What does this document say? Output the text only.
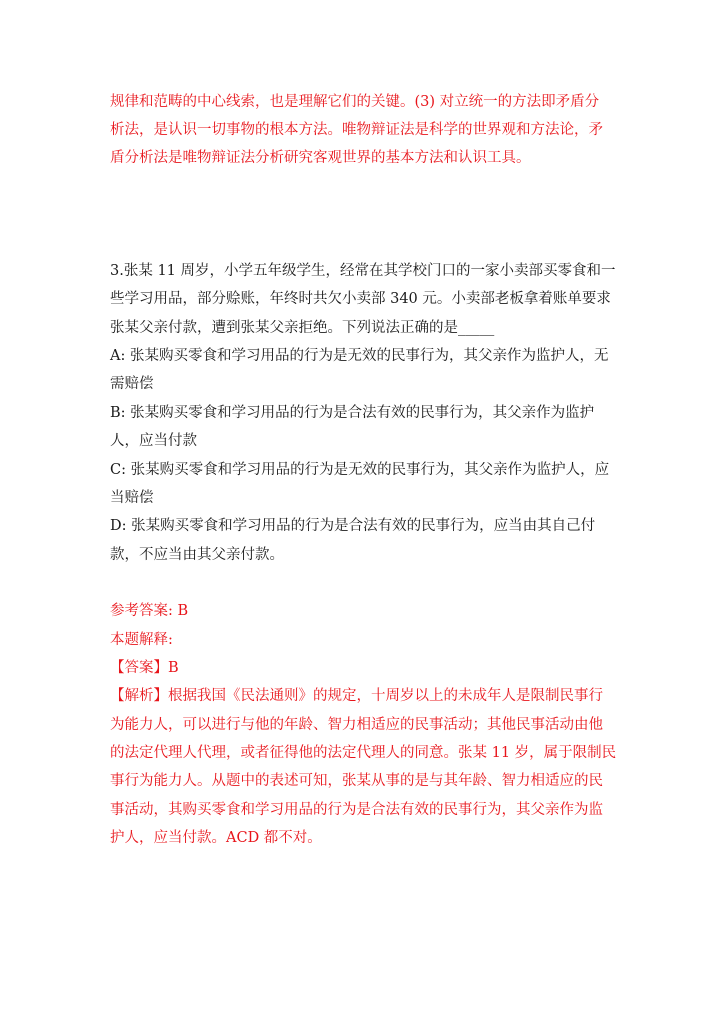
规律和范畴的中心线索，也是理解它们的关键。(3) 对立统一的方法即矛盾分

析法，是认识一切事物的根本方法。唯物辩证法是科学的世界观和方法论，矛

盾分析法是唯物辩证法分析研究客观世界的基本方法和认识工具。

3.张某 11 周岁，小学五年级学生，经常在其学校门口的一家小卖部买零食和一

些学习用品，部分赊账，年终时共欠小卖部 340 元。小卖部老板拿着账单要求

张某父亲付款，遭到张某父亲拒绝。下列说法正确的是_____

A: 张某购买零食和学习用品的行为是无效的民事行为，其父亲作为监护人，无

需赔偿

B: 张某购买零食和学习用品的行为是合法有效的民事行为，其父亲作为监护

人，应当付款

C: 张某购买零食和学习用品的行为是无效的民事行为，其父亲作为监护人，应

当赔偿

D: 张某购买零食和学习用品的行为是合法有效的民事行为，应当由其自己付

款，不应当由其父亲付款。

参考答案: B

本题解释:

【答案】B

【解析】根据我国《民法通则》的规定，十周岁以上的未成年人是限制民事行

为能力人，可以进行与他的年龄、智力相适应的民事活动；其他民事活动由他

的法定代理人代理，或者征得他的法定代理人的同意。张某 11 岁，属于限制民

事行为能力人。从题中的表述可知，张某从事的是与其年龄、智力相适应的民

事活动，其购买零食和学习用品的行为是合法有效的民事行为，其父亲作为监

护人，应当付款。ACD 都不对。
